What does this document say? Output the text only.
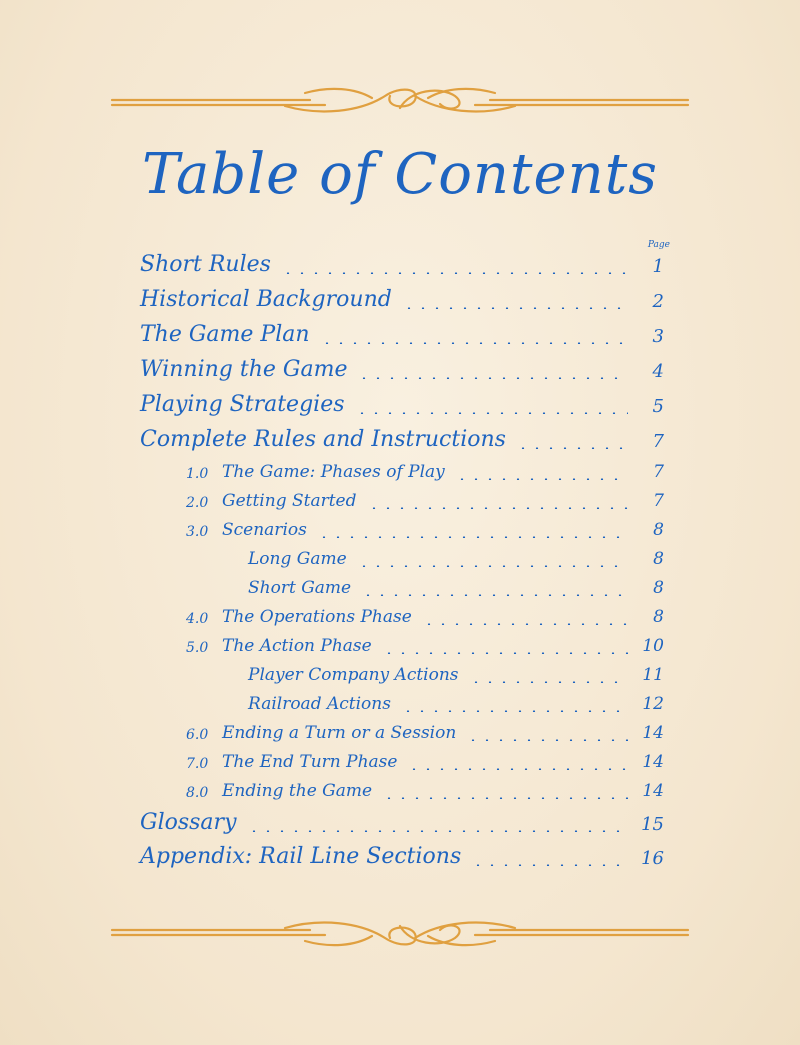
Table of Contents
Page
Short Rules	1
Historical Background	2
The Game Plan	3
Winning the Game	4
Playing Strategies	5
Complete Rules and Instructions	7
1.0 The Game: Phases of Play	7
2.0 Getting Started	7
3.0 Scenarios	8
Long Game	8
Short Game	8
4.0 The Operations Phase	8
5.0 The Action Phase	10
Player Company Actions	11
Railroad Actions	12
6.0 Ending a Turn or a Session	14
7.0 The End Turn Phase	14
8.0 Ending the Game	14
Glossary	15
Appendix: Rail Line Sections	16
